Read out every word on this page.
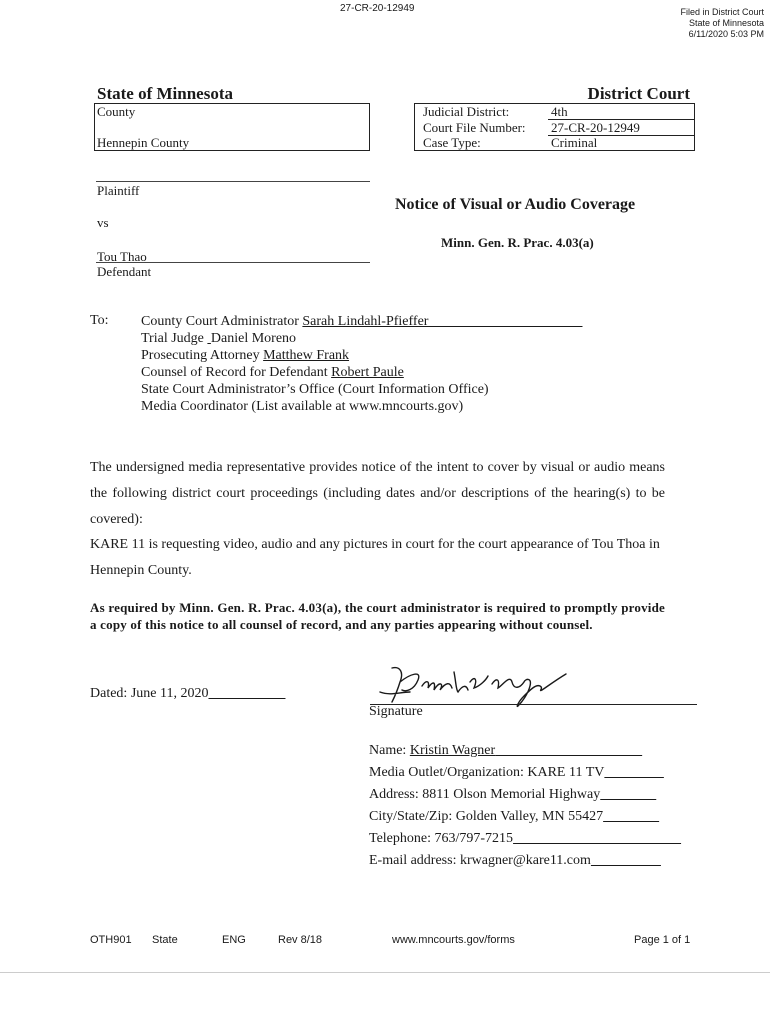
27-CR-20-12949	Filed in District Court
State of Minnesota
6/11/2020 5:03 PM
State of Minnesota	District Court
County
Hennepin County
Judicial District:	4th
Court File Number: 27-CR-20-12949
Case Type:	Criminal
Plaintiff
vs
Tou Thao
Defendant
Notice of Visual or Audio Coverage
Minn. Gen. R. Prac. 4.03(a)
To: County Court Administrator Sarah Lindahl-Pfieffer
Trial Judge Daniel Moreno
Prosecuting Attorney Matthew Frank
Counsel of Record for Defendant Robert Paule
State Court Administrator’s Office (Court Information Office)
Media Coordinator (List available at www.mncourts.gov)
The undersigned media representative provides notice of the intent to cover by visual or audio means the following district court proceedings (including dates and/or descriptions of the hearing(s) to be covered):
KARE 11 is requesting video, audio and any pictures in court for the court appearance of Tou Thoa in Hennepin County.
As required by Minn. Gen. R. Prac. 4.03(a), the court administrator is required to promptly provide a copy of this notice to all counsel of record, and any parties appearing without counsel.
Dated: June 11, 2020
Kristin Wagner
Signature
Name: Kristin Wagner
Media Outlet/Organization: KARE 11 TV
Address: 8811 Olson Memorial Highway
City/State/Zip: Golden Valley, MN 55427
Telephone: 763/797-7215
E-mail address: krwagner@kare11.com
OTH901 State	ENG	Rev 8/18	www.mncourts.gov/forms	Page 1 of 1
